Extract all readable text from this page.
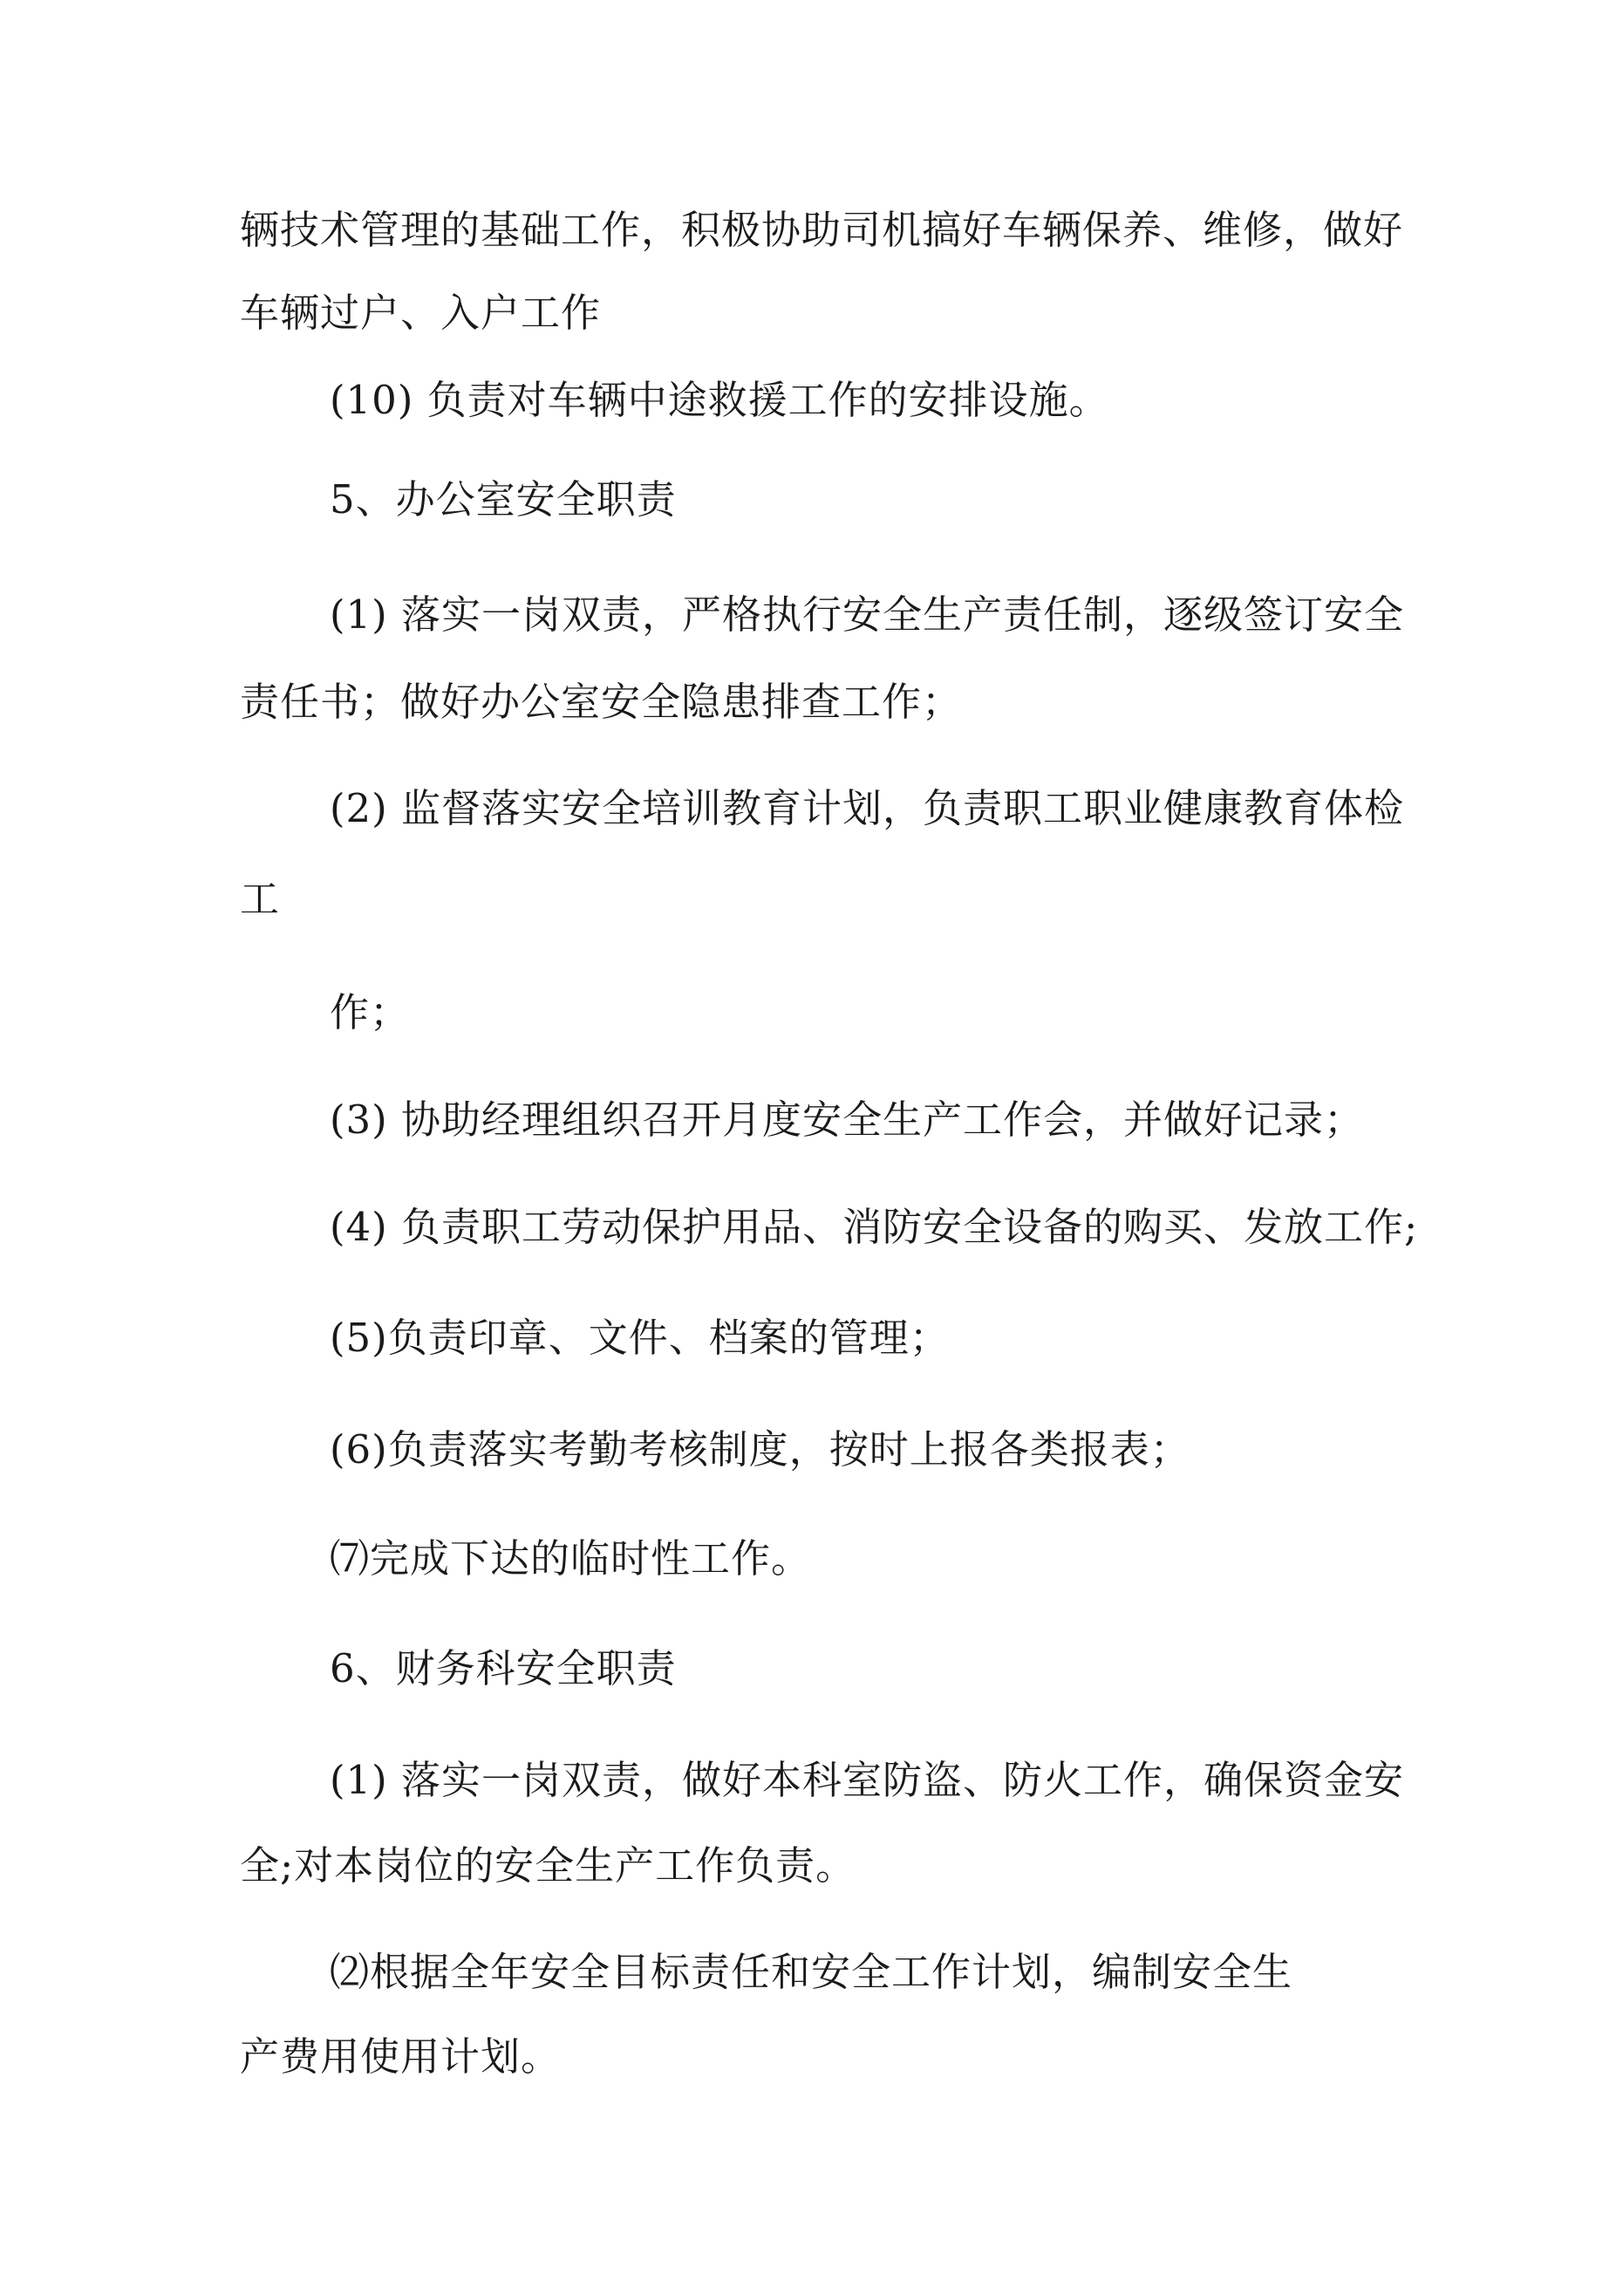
辆技术管理的基础工作，积极协助司机搞好车辆保养、维修，做好
车辆过户、入户工作
(10) 负责对车辆中途救援工作的安排设施。
5、办公室安全职责
(1) 落实一岗双责，严格执行安全生产责任制，逐级签订安全
责任书；做好办公室安全隐患排查工作；
(2) 监督落实安全培训教育计划，负责职工职业健康教育体检
工
作；
(3) 协助经理组织召开月度安全生产工作会，并做好记录；
(4) 负责职工劳动保护用品、消防安全设备的购买、发放工作;
(5)负责印章、文件、档案的管理；
(6)负责落实考勤考核制度，按时上报各类报表；
⑺完成下达的临时性工作。
6、财务科安全职责
(1) 落实一岗双责，做好本科室防盗、防火工作，确保资金安
全;对本岗位的安全生产工作负责。
⑵根据全年安全目标责任和安全工作计划，编制安全生
产费用使用计划。
